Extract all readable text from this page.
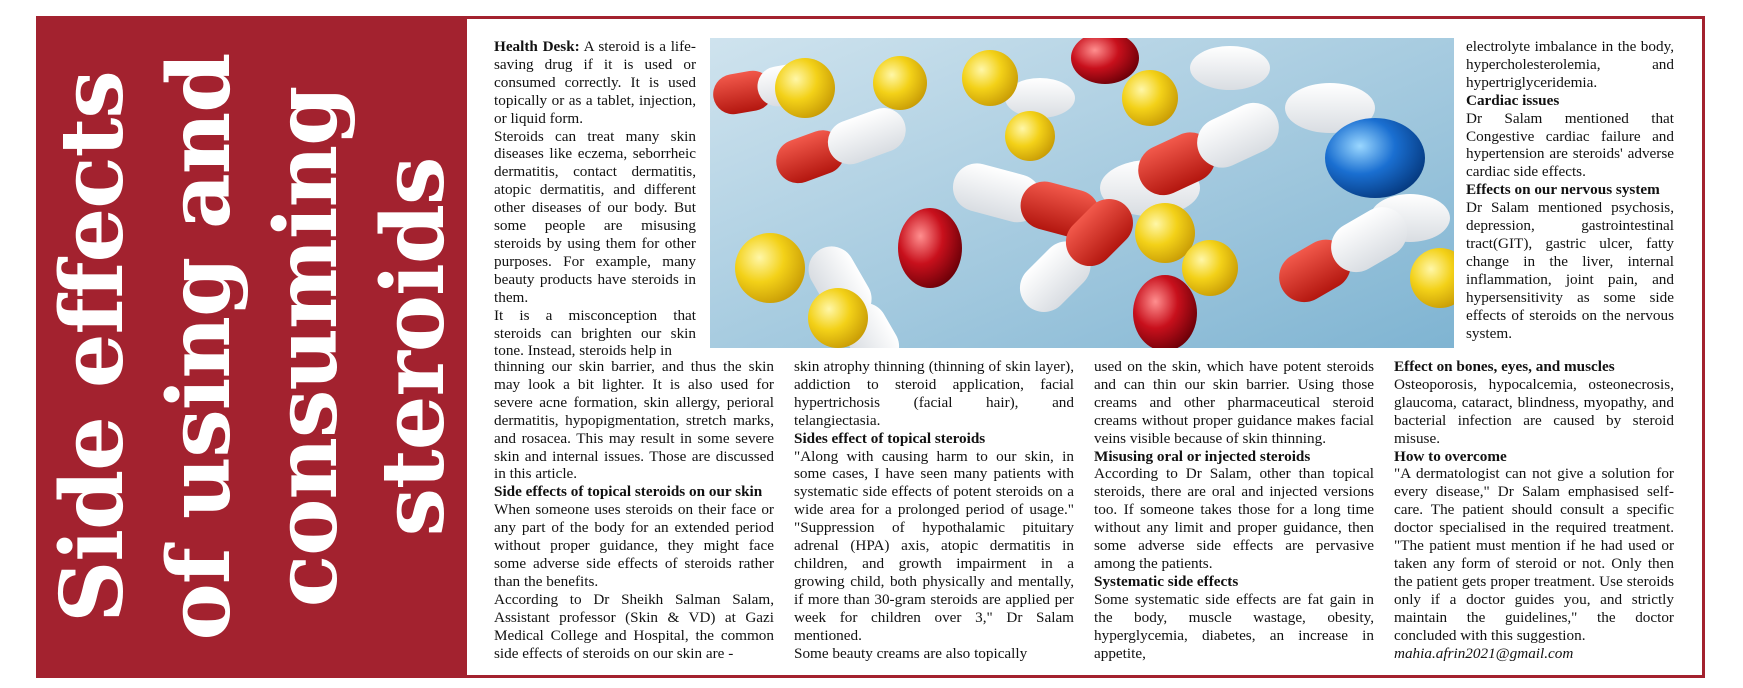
Side effects of using and consuming steroids

Health Desk: A steroid is a life-saving drug if it is used or consumed correctly. It is used topically or as a tablet, injection, or liquid form.

Steroids can treat many skin diseases like eczema, seborrheic dermatitis, contact dermatitis, atopic dermatitis, and different other diseases of our body. But some people are misusing steroids by using them for other purposes. For example, many beauty products have steroids in them.

It is a misconception that steroids can brighten our skin tone. Instead, steroids help in

electrolyte imbalance in the body, hypercholesterolemia, and hypertriglyceridemia.

Cardiac issues

Dr Salam mentioned that Congestive cardiac failure and hypertension are steroids' adverse cardiac side effects.

Effects on our nervous system

Dr Salam mentioned psychosis, depression, gastrointestinal tract(GIT), gastric ulcer, fatty change in the liver, internal inflammation, joint pain, and hypersensitivity as some side effects of steroids on the nervous system.

thinning our skin barrier, and thus the skin may look a bit lighter. It is also used for severe acne formation, skin allergy, perioral dermatitis, hypopigmentation, stretch marks, and rosacea. This may result in some severe skin and internal issues. Those are discussed in this article.

Side effects of topical steroids on our skin

When someone uses steroids on their face or any part of the body for an extended period without proper guidance, they might face some adverse side effects of steroids rather than the benefits.

According to Dr Sheikh Salman Salam, Assistant professor (Skin & VD) at Gazi Medical College and Hospital, the common side effects of steroids on our skin are -

skin atrophy thinning (thinning of skin layer), addiction to steroid application, facial hypertrichosis (facial hair), and telangiectasia.

Sides effect of topical steroids

"Along with causing harm to our skin, in some cases, I have seen many patients with systematic side effects of potent steroids on a wide area for a prolonged period of usage." "Suppression of hypothalamic pituitary adrenal (HPA) axis, atopic dermatitis in children, and growth impairment in a growing child, both physically and mentally, if more than 30-gram steroids are applied per week for children over 3," Dr Salam mentioned.

Some beauty creams are also topically

used on the skin, which have potent steroids and can thin our skin barrier. Using those creams and other pharmaceutical steroid creams without proper guidance makes facial veins visible because of skin thinning.

Misusing oral or injected steroids

According to Dr Salam, other than topical steroids, there are oral and injected versions too. If someone takes those for a long time without any limit and proper guidance, then some adverse side effects are pervasive among the patients.

Systematic side effects

Some systematic side effects are fat gain in the body, muscle wastage, obesity, hyperglycemia, diabetes, an increase in appetite,

Effect on bones, eyes, and muscles

Osteoporosis, hypocalcemia, osteonecrosis, glaucoma, cataract, blindness, myopathy, and bacterial infection are caused by steroid misuse.

How to overcome

"A dermatologist can not give a solution for every disease," Dr Salam emphasised self-care. The patient should consult a specific doctor specialised in the required treatment. "The patient must mention if he had used or taken any form of steroid or not. Only then the patient gets proper treatment. Use steroids only if a doctor guides you, and strictly maintain the guidelines," the doctor concluded with this suggestion.

mahia.afrin2021@gmail.com
